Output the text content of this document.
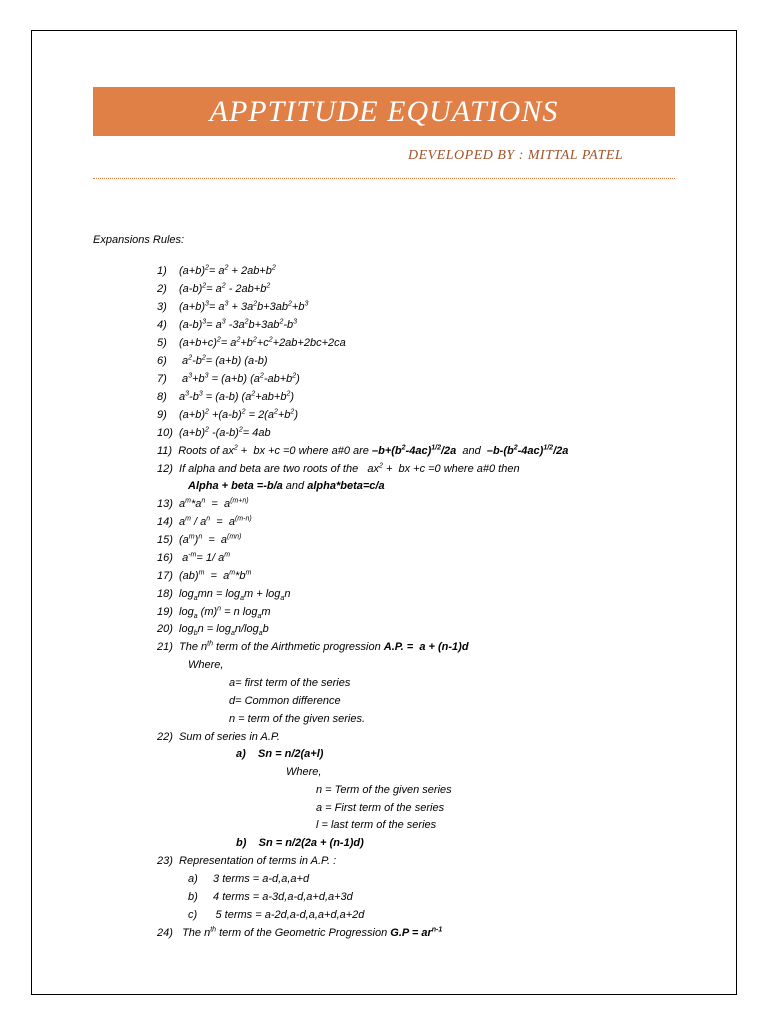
APPTITUDE EQUATIONS
DEVELOPED BY : MITTAL PATEL
Expansions Rules:
1)    $(a+b)^2= a^2 + 2ab+b^2$
2)    $(a-b)^2= a^2 - 2ab+b^2$
3)    $(a+b)^3= a^3 + 3a^2b+3ab^2+b^3$
4)    $(a-b)^3= a^3$ $-3a^2b+3ab^2-b^3$
5)    $(a+b+c)^2= a^2+b^2+c^2+2ab+2bc+2ca$
6)     $a^2-b^2= (a+b)$ (a-b)
7)     $a^3+b^3 = (a+b)$ $(a^2-ab+b^2)$
8)    $a^3-b^3 = (a-b)$ $(a^2+ab+b^2)$
9)    $(a+b)^2 +(a-b)^2 = 2(a^2+b^2)$
10)  $(a+b)^2$ $-(a-b)^2= 4ab$
11)  Roots of $ax^2$ +  bx +c =0 where a#0 are $-b+(b^2-4ac)^{1/2}/2a$  and  $-b-(b^2-4ac)^{1/2}/2a$
12)  If alpha and beta are two roots of the   $ax^2$ +  bx +c =0 where a#0 then
Alpha + beta =-b/a and alpha*beta=c/a
13)  $a^m*a^n = a^{(m+n)}$
14)  $a^m / a^n = a^{(m-n)}$
15)  $(a^m)^n = a^{(mn)}$
16)   $a^{-m}= 1/$ $a^m$
17)  $(ab)^m = a^m*b^m$
18)  $\log_amn = \log_am + \log_an$
19)  $\log_a (m)^n = n$ $\log_am$
20)  $\log_bn = \log_an/\log_ab$
21)  The $n^{th}$ term of the Airthmetic progression A.P. =  a + (n-1)d
Where,
a= first term of the series
d= Common difference
n = term of the given series.
22)  Sum of series in A.P.
a)    Sn = n/2(a+l)
Where,
n = Term of the given series
a = First term of the series
l = last term of the series
b)    Sn = n/2(2a + (n-1)d)
23)  Representation of terms in A.P. :
a)     3 terms = a-d,a,a+d
b)     4 terms = a-3d,a-d,a+d,a+3d
c)      5 terms = a-2d,a-d,a,a+d,a+2d
24)   The $n^{th}$ term of the Geometric Progression $G.P = ar^{n-1}$
